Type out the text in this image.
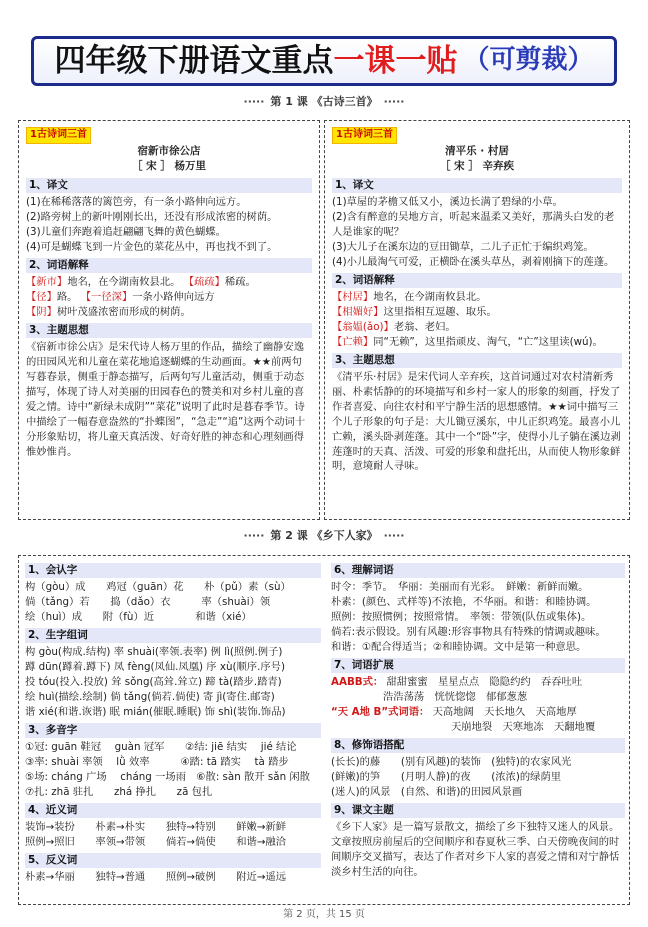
四年级下册语文重点 一课一贴 （可剪裁）
····· 第 1 课 《古诗三首》 ·····
1古诗词三首
宿新市徐公店
［ 宋 ］ 杨万里
1、译文
(1)在稀稀落落的篱笆旁，有一条小路伸向远方。
(2)路旁树上的新叶刚刚长出，还没有形成浓密的树荫。
(3)儿童们奔跑着追赶翩翩飞舞的黄色蝴蝶。
(4)可是蝴蝶飞到一片金色的菜花丛中，再也找不到了。
2、词语解释
【新市】地名，在今湖南攸县北。 【疏疏】稀疏。
【径】路。 【一径深】一条小路伸向远方
【阴】树叶茂盛浓密而形成的树荫。
3、主题思想
《宿新市徐公店》是宋代诗人杨万里的作品，描绘了幽静安逸的田园风光和儿童在菜花地追逐蝴蝶的生动画面。★★前两句写暮春景，侧重于静态描写，后两句写儿童活动，侧重于动态描写，体现了诗人对美丽的田园春色的赞美和对乡村儿童的喜爱之情。诗中“新绿未成阴”“菜花”说明了此时是暮春季节。诗中描绘了一幅春意盎然的“扑蝶图”，“急走”“追”这两个动词十分形象贴切，将儿童天真活泼、好奇好胜的神态和心理刻画得惟妙惟肖。
1古诗词三首
清平乐 · 村居
［ 宋 ］ 辛弃疾
1、译文
(1)草屋的茅檐又低又小，溪边长满了碧绿的小草。
(2)含有醉意的吴地方言，听起来温柔又美好，那满头白发的老人是谁家的呢？
(3)大儿子在溪东边的豆田锄草，二儿子正忙于编织鸡笼。
(4)小儿最淘气可爱，正横卧在溪头草丛，剥着刚摘下的莲蓬。
2、词语解释
【村居】地名，在今湖南攸县北。
【相媚好】这里指相互逗趣、取乐。
【翁媪(ǎo)】老翁、老妇。
【亡赖】同“无赖”，这里指顽皮、淘气，“亡”这里读(wú)。
3、主题思想
《清平乐·村居》是宋代词人辛弃疾，这首词通过对农村清新秀丽、朴素恬静的的环境描写和乡村一家人的形象的刻画，抒发了作者喜爱、向往农村和平宁静生活的思想感情。★★词中描写三个儿子形象的句子是：大儿锄豆溪东，中儿正织鸡笼。最喜小儿亡赖，溪头卧剥莲蓬。其中一个“卧”字，使得小儿子躺在溪边剥莲蓬时的天真、活泼、可爱的形象和盘托出，从而使人物形象鲜明，意境耐人寻味。
····· 第 2 课 《乡下人家》 ·····
1、会认字
构（gòu）成　　鸡冠（guān）花　　朴（pǔ）素（sù）
倘（tǎng）若　　捣（dǎo）衣　　　率（shuài）领
绘（huì）成　　附（fù）近　　　　和谐（xié）
2、生字组词
构 gòu(构成.结构) 率 shuài(率领.表率) 例 lì(照例.例子)
蹲 dūn(蹲着.蹲下) 凤 fèng(凤仙.凤凰) 序 xù(顺序.序号)
投 tóu(投入.投放) 耸 sǒng(高耸.耸立) 蹄 tà(踏步.踏青)
绘 huì(描绘.绘制) 倘 tǎng(倘若.倘使) 寄 jì(寄住.邮寄)
谐 xié(和谐.诙谐) 眠 mián(催眠.睡眠) 饰 shì(装饰.饰品)
3、多音字
①冠: guān 鞋冠　 guàn 冠军　　②结: jiē 结实　 jié 结论
③率: shuài 率领　 lǜ 效率　　　④踏: tā 踏实　 tà 踏步
⑤场: cháng 广场　 cháng 一场雨　⑥散: sàn 散开 sǎn 闲散
⑦扎: zhā 驻扎　　zhá 挣扎　　zā 包扎
4、近义词
装饰→装扮　　朴素→朴实　　独特→特别　　鲜嫩→新鲜
照例→照旧　　率领→带领　　倘若→倘使　　和谐→融洽
5、反义词
朴素→华丽　　独特→普通　　照例→破例　　附近→遥远
6、理解词语
时令：季节。　华丽：美丽而有光彩。　鲜嫩：新鲜而嫩。
朴素：(颜色、式样等)不浓艳，不华丽。和谐：和睦协调。
照例：按照惯例；按照常情。　率领：带领(队伍或集体)。
倘若:表示假设。别有风趣:形容事物具有特殊的情调或趣味。
和谐：①配合得适当；②和睦协调。文中是第一种意思。
7、词语扩展
AABB式： 甜甜蜜蜜　星星点点　隐隐约约　吞吞吐吐
浩浩荡荡　恍恍惚惚　郁郁葱葱
“天 A地 B”式词语： 天高地阔　天长地久　天高地厚
天崩地裂　天寒地冻　天翻地覆
8、修饰语搭配
(长长)的藤　　(别有风趣)的装饰　(独特)的农家风光
(鲜嫩)的笋　　(月明人静)的夜　　(浓浓)的绿荫里
(迷人)的风景　(自然、和谐)的田园风景画
9、课文主题
《乡下人家》是一篇写景散文，描绘了乡下独特又迷人的风景。文章按照房前屋后的空间顺序和春夏秋三季、白天傍晚夜间的时间顺序交叉描写，表达了作者对乡下人家的喜爱之情和对宁静恬淡乡村生活的向往。
第 2 页，共 15 页
